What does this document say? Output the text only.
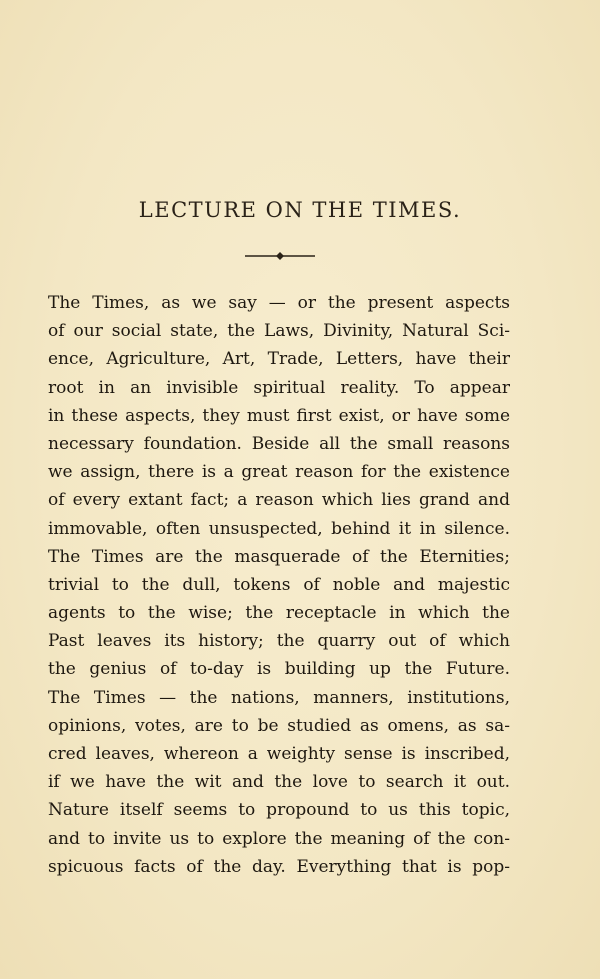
LECTURE ON THE TIMES.
The Times, as we say — or the present aspects
of our social state, the Laws, Divinity, Natural Sci-
ence, Agriculture, Art, Trade, Letters, have their
root in an invisible spiritual reality. To appear
in these aspects, they must first exist, or have some
necessary foundation. Beside all the small reasons
we assign, there is a great reason for the existence
of every extant fact; a reason which lies grand and
immovable, often unsuspected, behind it in silence.
The Times are the masquerade of the Eternities;
trivial to the dull, tokens of noble and majestic
agents to the wise; the receptacle in which the
Past leaves its history; the quarry out of which
the genius of to-day is building up the Future.
The Times — the nations, manners, institutions,
opinions, votes, are to be studied as omens, as sa-
cred leaves, whereon a weighty sense is inscribed,
if we have the wit and the love to search it out.
Nature itself seems to propound to us this topic,
and to invite us to explore the meaning of the con-
spicuous facts of the day. Everything that is pop-
